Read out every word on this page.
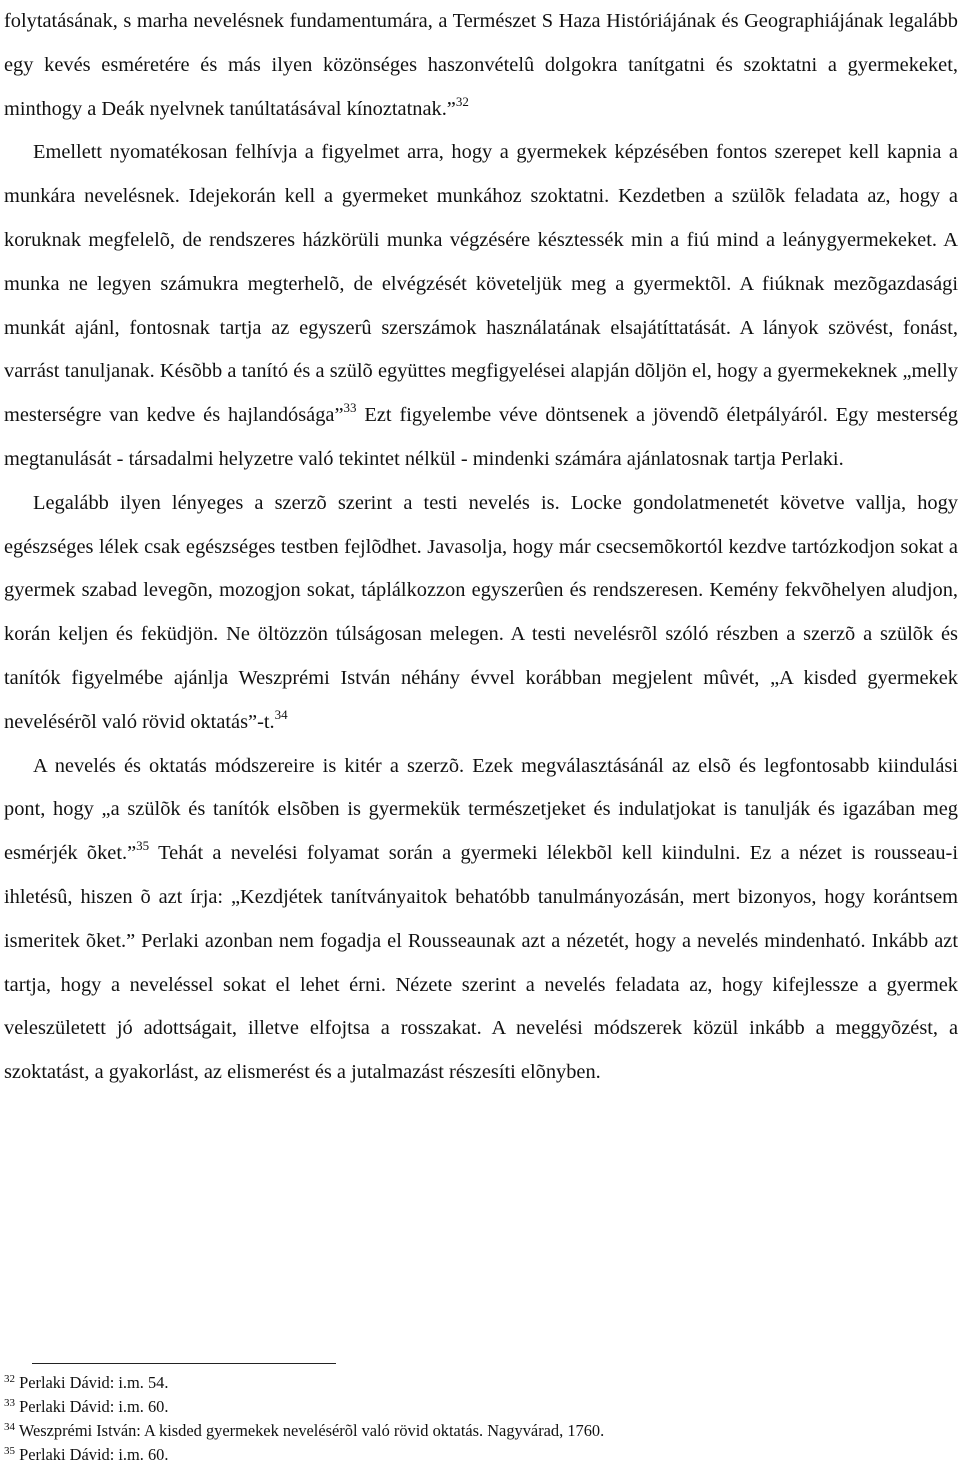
folytatásának, s marha nevelésnek fundamentumára, a Természet S Haza Históriájának és Geographiájának legalább egy kevés esméretére és más ilyen közönséges haszonvételû dolgokra tanítgatni és szoktatni a gyermekeket, minthogy a Deák nyelvnek tanúltatásával kínoztatnak.”$^{32}$

Emellett nyomatékosan felhívja a figyelmet arra, hogy a gyermekek képzésében fontos szerepet kell kapnia a munkára nevelésnek. Idejekorán kell a gyermeket munkához szoktatni. Kezdetben a szülõk feladata az, hogy a koruknak megfelelõ, de rendszeres házkörüli munka végzésére késztessék min a fiú mind a leánygyermekeket. A munka ne legyen számukra megterhelõ, de elvégzését követeljük meg a gyermektõl. A fiúknak mezõgazdasági munkát ajánl, fontosnak tartja az egyszerû szerszámok használatának elsajátíttatását. A lányok szövést, fonást, varrást tanuljanak. Késõbb a tanító és a szülõ együttes megfigyelései alapján dõljön el, hogy a gyermekeknek „melly mesterségre van kedve és hajlandósága”$^{33}$ Ezt figyelembe véve döntsenek a jövendõ életpályáról. Egy mesterség megtanulását - társadalmi helyzetre való tekintet nélkül - mindenki számára ajánlatosnak tartja Perlaki.

Legalább ilyen lényeges a szerzõ szerint a testi nevelés is. Locke gondolatmenetét követve vallja, hogy egészséges lélek csak egészséges testben fejlõdhet. Javasolja, hogy már csecsemõkortól kezdve tartózkodjon sokat a gyermek szabad levegõn, mozogjon sokat, táplálkozzon egyszerûen és rendszeresen. Kemény fekvõhelyen aludjon, korán keljen és feküdjön. Ne öltözzön túlságosan melegen. A testi nevelésrõl szóló részben a szerzõ a szülõk és tanítók figyelmébe ajánlja Weszprémi István néhány évvel korábban megjelent mûvét, „A kisded gyermekek nevelésérõl való rövid oktatás”-t.$^{34}$

A nevelés és oktatás módszereire is kitér a szerzõ. Ezek megválasztásánál az elsõ és legfontosabb kiindulási pont, hogy „a szülõk és tanítók elsõben is gyermekük természetjeket és indulatjokat is tanulják és igazában meg esmérjék õket.”$^{35}$ Tehát a nevelési folyamat során a gyermeki lélekbõl kell kiindulni. Ez a nézet is rousseau-i ihletésû, hiszen õ azt írja: „Kezdjétek tanítványaitok behatóbb tanulmányozásán, mert bizonyos, hogy korántsem ismeritek õket.” Perlaki azonban nem fogadja el Rousseaunak azt a nézetét, hogy a nevelés mindenható. Inkább azt tartja, hogy a neveléssel sokat el lehet érni. Nézete szerint a nevelés feladata az, hogy kifejlessze a gyermek veleszületett jó adottságait, illetve elfojtsa a rosszakat. A nevelési módszerek közül inkább a meggyõzést, a szoktatást, a gyakorlást, az elismerést és a jutalmazást részesíti elõnyben.

$^{32}$ Perlaki Dávid: i.m. 54.
$^{33}$ Perlaki Dávid: i.m. 60.
$^{34}$ Weszprémi István: A kisded gyermekek nevelésérõl való rövid oktatás. Nagyvárad, 1760.
$^{35}$ Perlaki Dávid: i.m. 60.
